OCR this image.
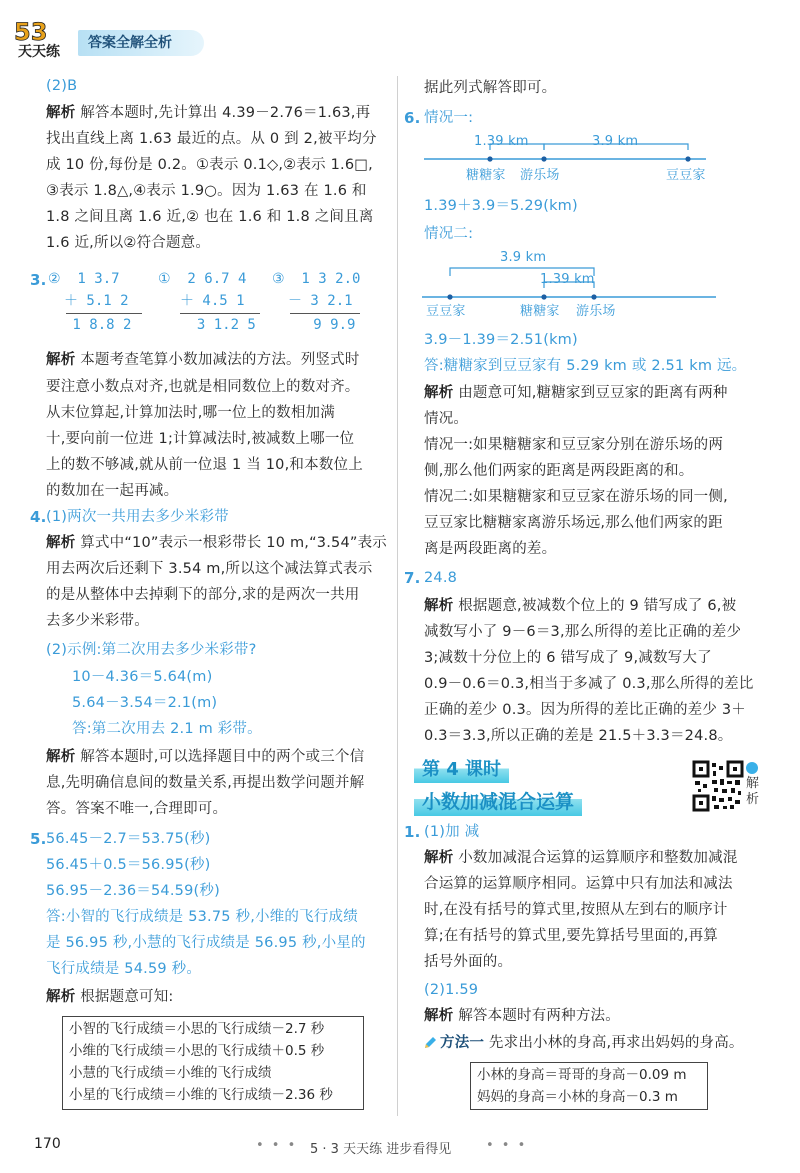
53
天天练
答案全解全析
(2)B
解析 解答本题时,先计算出 4.39－2.76＝1.63,再
找出直线上离 1.63 最近的点。从 0 到 2,被平均分
成 10 份,每份是 0.2。①表示 0.1◇,②表示 1.6□,
③表示 1.8△,④表示 1.9○。因为 1.63 在 1.6 和
1.8 之间且离 1.6 近,② 也在 1.6 和 1.8 之间且离
1.6 近,所以②符合题意。
3. ②  1 3.7
＋ 5.1 2
1 8.8 2
①  2 6.7 4
＋ 4.5 1
3 1.2 5
③  1 3 2.0
－ 3 2.1
9 9.9
解析 本题考查笔算小数加减法的方法。列竖式时
要注意小数点对齐,也就是相同数位上的数对齐。
从末位算起,计算加法时,哪一位上的数相加满
十,要向前一位进 1;计算减法时,被减数上哪一位
上的数不够减,就从前一位退 1 当 10,和本数位上
的数加在一起再减。
4. (1)两次一共用去多少米彩带
解析 算式中“10”表示一根彩带长 10 m,“3.54”表示
用去两次后还剩下 3.54 m,所以这个减法算式表示
的是从整体中去掉剩下的部分,求的是两次一共用
去多少米彩带。
(2)示例:第二次用去多少米彩带?
10－4.36＝5.64(m)
5.64－3.54＝2.1(m)
答:第二次用去 2.1 m 彩带。
解析 解答本题时,可以选择题目中的两个或三个信
息,先明确信息间的数量关系,再提出数学问题并解
答。答案不唯一,合理即可。
5. 56.45－2.7＝53.75(秒)
56.45＋0.5＝56.95(秒)
56.95－2.36＝54.59(秒)
答:小智的飞行成绩是 53.75 秒,小维的飞行成绩
是 56.95 秒,小慧的飞行成绩是 56.95 秒,小星的
飞行成绩是 54.59 秒。
解析 根据题意可知:
小智的飞行成绩＝小思的飞行成绩－2.7 秒
小维的飞行成绩＝小思的飞行成绩＋0.5 秒
小慧的飞行成绩＝小维的飞行成绩
小星的飞行成绩＝小维的飞行成绩－2.36 秒
据此列式解答即可。
6. 情况一:
1.39 km	3.9 km
糖糖家 游乐场	豆豆家
1.39＋3.9＝5.29(km)
情况二:
3.9 km
1.39 km
豆豆家	糖糖家 游乐场
3.9－1.39＝2.51(km)
答:糖糖家到豆豆家有 5.29 km 或 2.51 km 远。
解析 由题意可知,糖糖家到豆豆家的距离有两种
情况。
情况一:如果糖糖家和豆豆家分别在游乐场的两
侧,那么他们两家的距离是两段距离的和。
情况二:如果糖糖家和豆豆家在游乐场的同一侧,
豆豆家比糖糖家离游乐场远,那么他们两家的距
离是两段距离的差。
7. 24.8
解析 根据题意,被减数个位上的 9 错写成了 6,被
减数写小了 9－6＝3,那么所得的差比正确的差少
3;减数十分位上的 6 错写成了 9,减数写大了
0.9－0.6＝0.3,相当于多减了 0.3,那么所得的差比
正确的差少 0.3。因为所得的差比正确的差少 3＋
0.3＝3.3,所以正确的差是 21.5＋3.3＝24.8。
第 4 课时
小数加减混合运算
解析
1. (1)加 减
解析 小数加减混合运算的运算顺序和整数加减混
合运算的运算顺序相同。运算中只有加法和减法
时,在没有括号的算式里,按照从左到右的顺序计
算;在有括号的算式里,要先算括号里面的,再算
括号外面的。
(2)1.59
解析 解答本题时有两种方法。
方法一 先求出小林的身高,再求出妈妈的身高。
小林的身高＝哥哥的身高－0.09 m
妈妈的身高＝小林的身高－0.3 m
170	• • • 5 · 3 天天练 进步看得见	• • •
